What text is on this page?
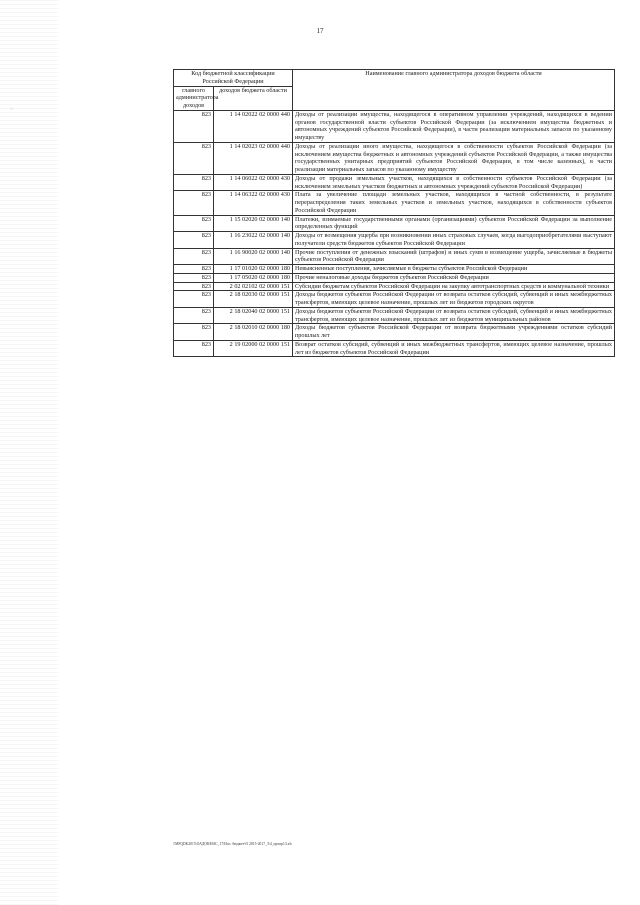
17
Код бюджетной классификации Российской Федерации		Наименование главного администратора доходов бюджета области
главного администратора доходов	доходов бюджета области	
823	1 14 02022 02 0000 440	Доходы от реализации имущества, находящегося в оперативном управлении учреждений, находящихся в ведении органов государственной власти субъектов Российской Федерации (за исключением имущества бюджетных и автономных учреждений субъектов Российской Федерации), в части реализации материальных запасов по указанному имуществу
823	1 14 02023 02 0000 440	Доходы от реализации иного имущества, находящегося в собственности субъектов Российской Федерации (за исключением имущества бюджетных и автономных учреждений субъектов Российской Федерации, а также имущества государственных унитарных предприятий субъектов Российской Федерации, в том числе казенных), в части реализации материальных запасов по указанному имуществу
823	1 14 06022 02 0000 430	Доходы от продажи земельных участков, находящихся в собственности субъектов Российской Федерации (за исключением земельных участков бюджетных и автономных учреждений субъектов Российской Федерации)
823	1 14 06322 02 0000 430	Плата за увеличение площади земельных участков, находящихся в частной собственности, в результате перераспределения таких земельных участков и земельных участков, находящихся в собственности субъектов Российской Федерации
823	1 15 02020 02 0000 140	Платежи, взимаемые государственными органами (организациями) субъектов Российской Федерации за выполнение определенных функций
823	1 16 23022 02 0000 140	Доходы от возмещения ущерба при возникновении иных страховых случаев, когда выгодоприобретателями выступают получатели средств бюджетов субъектов Российской Федерации
823	1 16 90020 02 0000 140	Прочие поступления от денежных взысканий (штрафов) и иных сумм в возмещение ущерба, зачисляемые в бюджеты субъектов Российской Федерации
823	1 17 01020 02 0000 180	Невыясненные поступления, зачисляемые в бюджеты субъектов Российской Федерации
823	1 17 05020 02 0000 180	Прочие неналоговые доходы бюджетов субъектов Российской Федерации
823	2 02 02102 02 0000 151	Субсидии бюджетам субъектов Российской Федерации на закупку автотранспортных средств и коммунальной техники
823	2 18 02030 02 0000 151	Доходы бюджетов субъектов Российской Федерации от возврата остатков субсидий, субвенций и иных межбюджетных трансфертов, имеющих целевое назначение, прошлых лет из бюджетов городских округов
823	2 18 02040 02 0000 151	Доходы бюджетов субъектов Российской Федерации от возврата остатков субсидий, субвенций и иных межбюджетных трансфертов, имеющих целевое назначение, прошлых лет из бюджетов муниципальных районов
823	2 18 02010 02 0000 180	Доходы бюджетов субъектов Российской Федерации от возврата бюджетными учреждениями остатков субсидий прошлых лет
823	2 19 02000 02 0000 151	Возврат остатков субсидий, субвенций и иных межбюджетных трансфертов, имеющих целевое назначение, прошлых лет из бюджетов субъектов Российской Федерации
\\MFQDK2015\ОАДОКМАС_17\Исп. бюджет\О 2015-2017_3\4_пропр13.xls
